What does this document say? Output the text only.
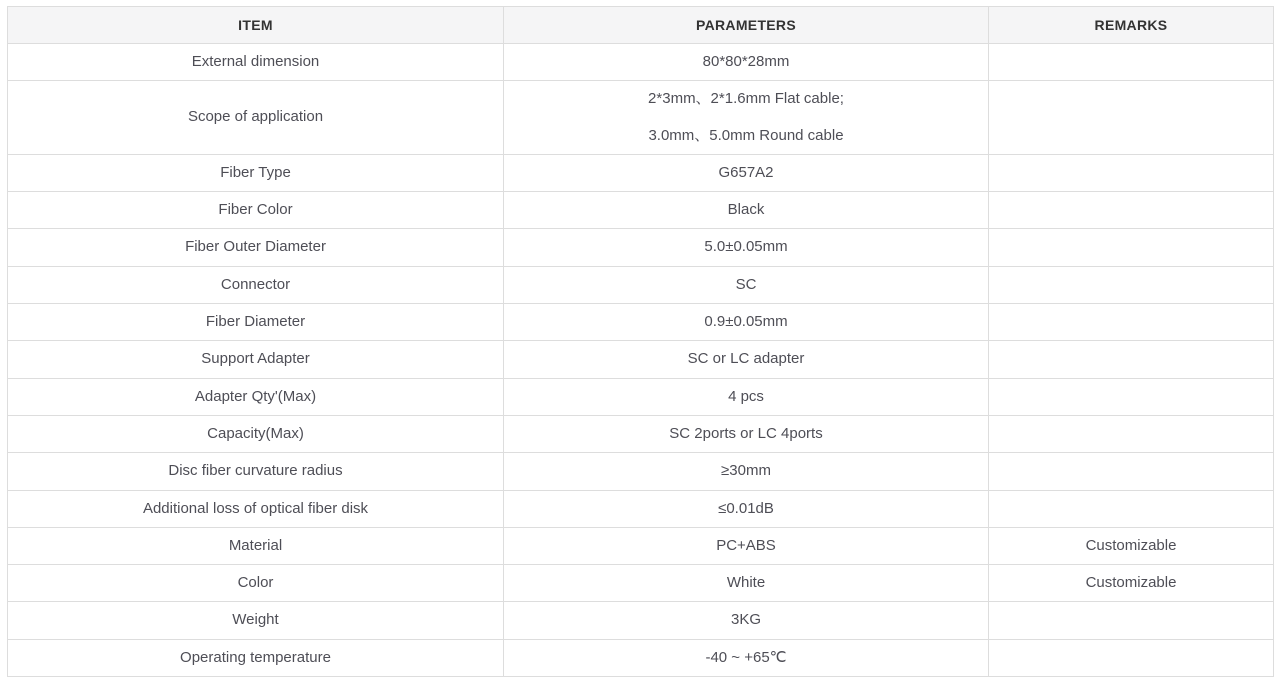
ITEM	PARAMETERS	REMARKS

External dimension	80*80*28mm	

Scope of application	2*3mm、2*1.6mm Flat cable;
3.0mm、5.0mm Round cable	

Fiber Type	G657A2	

Fiber Color	Black	

Fiber Outer Diameter	5.0±0.05mm	

Connector	SC	

Fiber Diameter	0.9±0.05mm	

Support Adapter	SC or LC adapter	

Adapter Qty'(Max)	4 pcs	

Capacity(Max)	SC 2ports or LC 4ports	

Disc fiber curvature radius	≥30mm	

Additional loss of optical fiber disk	≤0.01dB	

Material	PC+ABS	Customizable

Color	White	Customizable

Weight	3KG	

Operating temperature	-40 ~ +65℃	
